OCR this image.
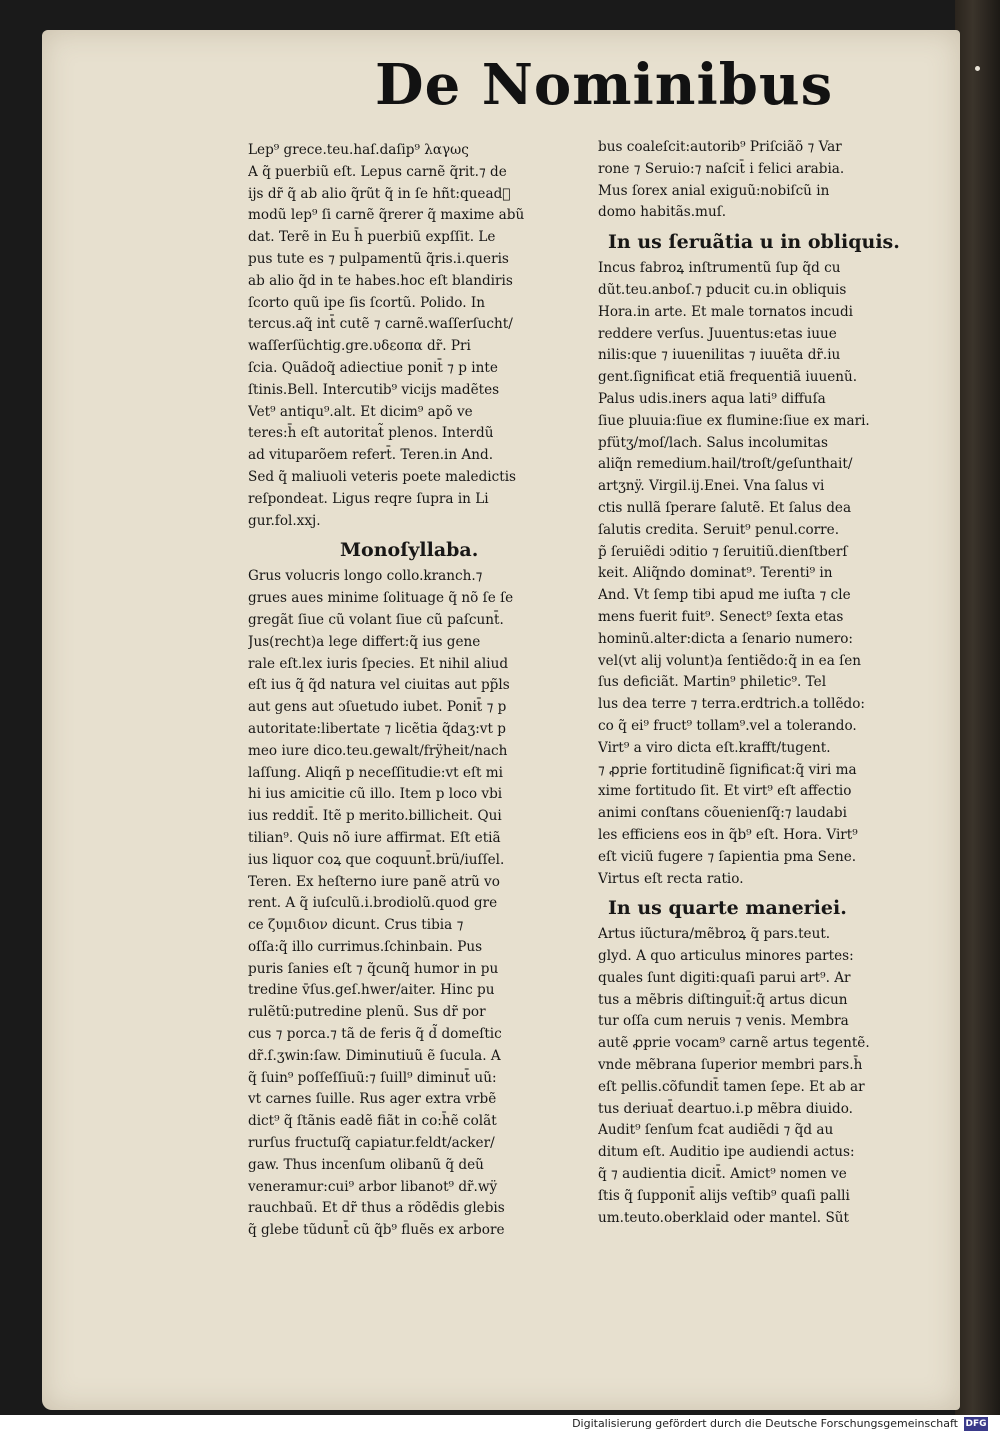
De Nominibus
Lep⁹ grece.teu.haſ.daſip⁹ λαγως
A q̃ puerbiũ eſt. Lepus carnẽ q̃rit.⁊ de
ijs dr̃ q̃ ab alio q̃rũt q̃ in ſe hñt:queadᷓ
modũ lep⁹ ſi carnẽ q̃rerer q̃ maxime abũ
dat. Terẽ in Eu h̄ puerbiũ expſſit. Le
pus tute es ⁊ pulpamentũ q̃ris.i.queris
ab alio q̃d in te habes.hoc eſt blandiris
ſcorto quũ ipe ſis ſcortũ. Polido. In
tercus.aq̃ int̄ cutẽ ⁊ carnẽ.waſſerſucht/
waſſerſüchtig.gre.υδεοπα dr̃. Pri
ſcia. Quãdoq̃ adiectiue ponit̄ ⁊ p inte
ſtinis.Bell. Intercutib⁹ vicijs madẽtes
Vet⁹ antiqu⁹.alt. Et dicim⁹ apõ ve
teres:h̄ eſt autoritat̃ plenos. Interdũ
ad vituparõem refert̄. Teren.in And.
Sed q̃ maliuoli veteris poete maledictis
reſpondeat. Ligus reqre ſupra in Li
gur.fol.xxj.
Monoſyllaba.
Grus volucris longo collo.kranch.⁊
grues aues minime ſolituage q̃ nõ ſe ſe
gregãt ſiue cũ volant ſiue cũ paſcunt̄.
Jus(recht)a lege differt:q̃ ius gene
rale eſt.lex iuris ſpecies. Et nihil aliud
eſt ius q̃ q̃d natura vel ciuitas aut pp̃ls
aut gens aut ↄſuetudo iubet. Ponit̄ ⁊ p
autoritate:libertate ⁊ licẽtia q̃daʒ:vt p
meo iure dico.teu.gewalt/frÿheit/nach
laſſung. Aliqñ p neceſſitudie:vt eſt mi
hi ius amicitie cũ illo. Item p loco vbi
ius reddit̄. Itẽ p merito.billicheit. Qui
tilian⁹. Quis nõ iure affirmat. Eſt etiã
ius liquor coꝝ que coquunt̄.brü/iuſſel.
Teren. Ex heſterno iure panẽ atrũ vo
rent. A q̃ iuſculũ.i.brodiolũ.quod gre
ce ζυμιδιον dicunt. Crus tibia ⁊
oſſa:q̃ illo currimus.ſchinbain. Pus
puris ſanies eſt ⁊ q̃cunq̃ humor in pu
tredine v̄ſus.geſ.hwer/aiter. Hinc pu
rulẽtũ:putredine plenũ. Sus dr̃ por
cus ⁊ porca.⁊ tã de feris q̃ d̃ domeſtic
dr̃.ſ.ʒwin:ſaw. Diminutiuũ ẽ ſucula. A
q̃ ſuin⁹ poſſeſſiuũ:⁊ ſuill⁹ diminut̄ uũ:
vt carnes ſuille. Rus ager extra vrbẽ
dict⁹ q̃ ſtãnis eadẽ fiãt in co:h̄ẽ colãt
rurſus fructuſq̃ capiatur.feldt/acker/
gaw. Thus incenſum olibanũ q̃ deũ
veneramur:cui⁹ arbor libanot⁹ dr̃.wÿ
rauchbaũ. Et dr̃ thus a rõdẽdis glebis
q̃ glebe tũdunt̄ cũ q̃b⁹ fluẽs ex arbore
bus coaleſcit:autorib⁹ Priſciãõ ⁊ Var
rone ⁊ Seruio:⁊ naſcit̄ i felici arabia.
Mus ſorex anial exiguũ:nobiſcũ in
domo habitãs.muſ.
In us ſeruãtia u in obliquis.
Incus fabroꝝ inſtrumentũ ſup q̃d cu
dũt.teu.anboſ.⁊ pducit cu.in obliquis
Hora.in arte. Et male tornatos incudi
reddere verſus. Juuentus:etas iuue
nilis:que ⁊ iuuenilitas ⁊ iuuẽta dr̃.iu
gent.ſignificat etiã frequentiã iuuenũ.
Palus udis.iners aqua lati⁹ diffuſa
ſiue pluuia:ſiue ex flumine:ſiue ex mari.
pfütʒ/moſ/lach. Salus incolumitas
aliq̃n remedium.hail/troſt/geſunthait/
artʒnÿ. Virgil.ij.Enei. Vna ſalus vi
ctis nullã ſperare ſalutẽ. Et ſalus dea
ſalutis credita. Seruit⁹ penul.corre.
p̃ ſeruiẽdi ↄditio ⁊ ſeruitiũ.dienſtberſ
keit. Aliq̃ndo dominat⁹. Terenti⁹ in
And. Vt ſemp tibi apud me iuſta ⁊ cle
mens fuerit fuit⁹. Senect⁹ ſexta etas
hominũ.alter:dicta a ſenario numero:
vel(vt alij volunt)a ſentiẽdo:q̃ in ea ſen
ſus deficiãt. Martin⁹ philetic⁹. Tel
lus dea terre ⁊ terra.erdtrich.a tollẽdo:
co q̃ ei⁹ fruct⁹ tollam⁹.vel a tolerando.
Virt⁹ a viro dicta eſt.krafft/tugent.
⁊ ꝓprie fortitudinẽ ſignificat:q̃ viri ma
xime fortitudo ſit. Et virt⁹ eſt affectio
animi conſtans cõuenienſq̃:⁊ laudabi
les efficiens eos in q̃b⁹ eſt. Hora. Virt⁹
eſt viciũ fugere ⁊ ſapientia pma Sene.
Virtus eſt recta ratio.
In us quarte maneriei.
Artus iũctura/mẽbroꝝ q̃ pars.teut.
glyd. A quo articulus minores partes:
quales ſunt digiti:quaſi parui art⁹. Ar
tus a mẽbris diſtinguit̄:q̃ artus dicun
tur oſſa cum neruis ⁊ venis. Membra
autẽ ꝓprie vocam⁹ carnẽ artus tegentẽ.
vnde mẽbrana ſuperior membri pars.h̄
eſt pellis.cõfundit̄ tamen ſepe. Et ab ar
tus deriuat̄ deartuo.i.p mẽbra diuido.
Audit⁹ ſenſum fcat audiẽdi ⁊ q̃d au
ditum eſt. Auditio ipe audiendi actus:
q̃ ⁊ audientia dicit̄. Amict⁹ nomen ve
ſtis q̃ ſupponit̄ alijs veſtib⁹ quaſi palli
um.teuto.oberklaid oder mantel. Sũt
Digitalisierung gefördert durch die Deutsche Forschungsgemeinschaft DFG
